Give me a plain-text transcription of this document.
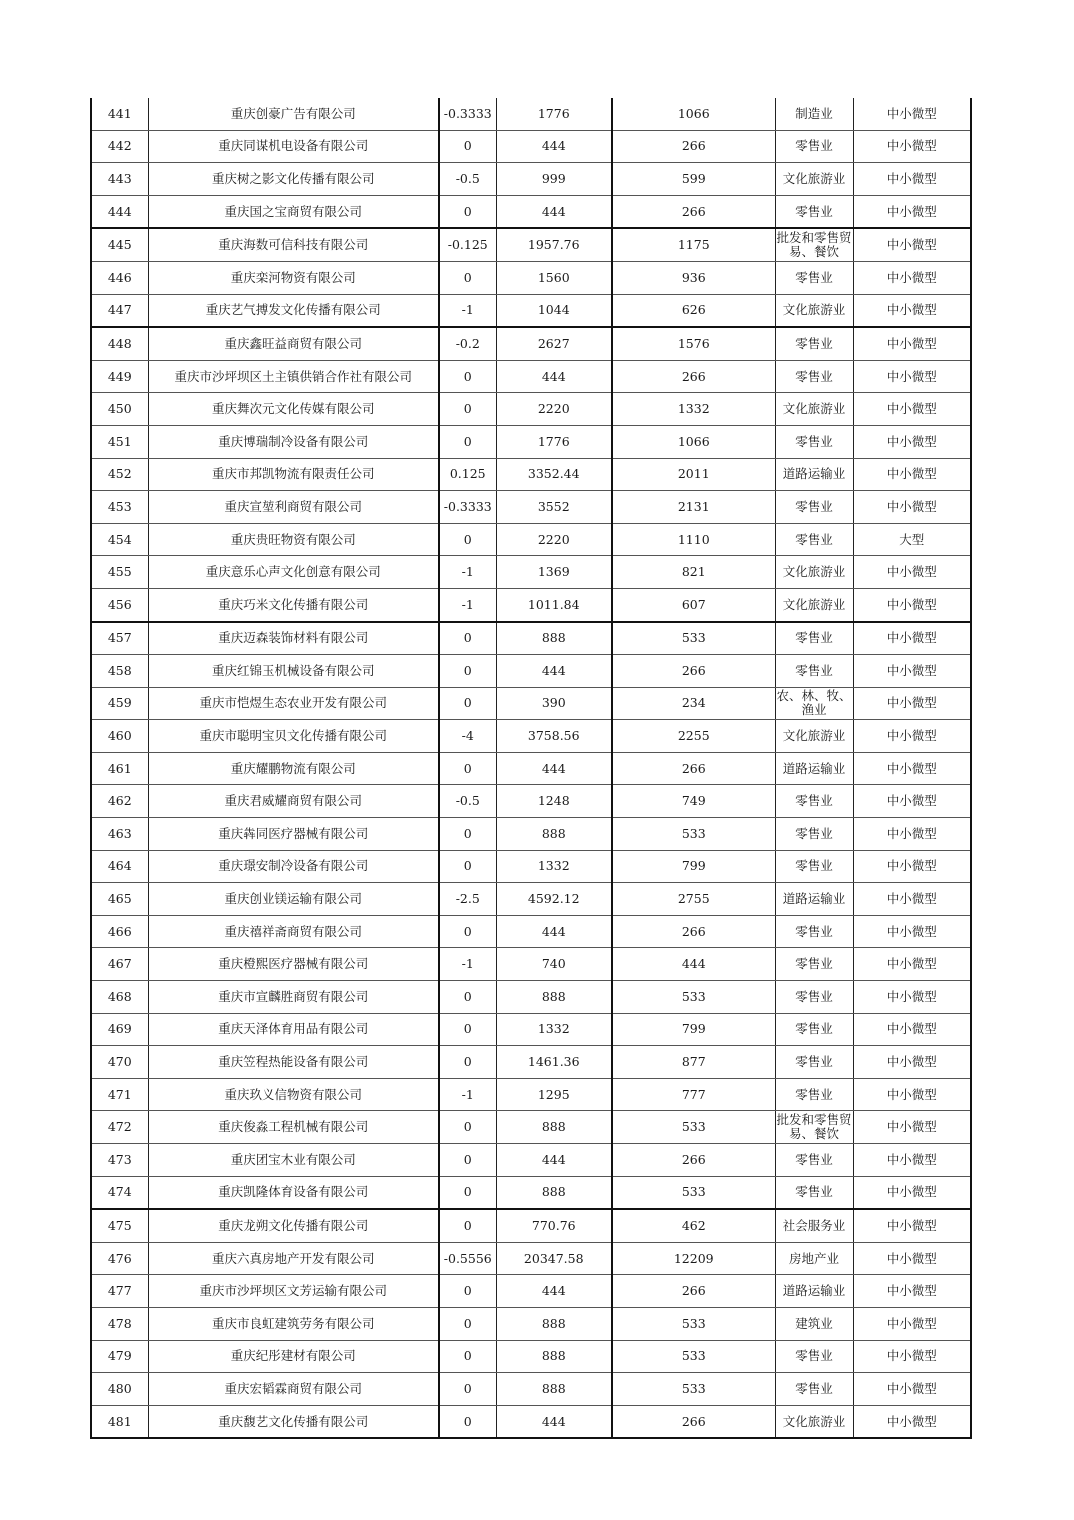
441	重庆创豪广告有限公司	-0.3333	1776	1066	制造业	中小微型
442	重庆同谋机电设备有限公司	0	444	266	零售业	中小微型
443	重庆树之影文化传播有限公司	-0.5	999	599	文化旅游业	中小微型
444	重庆国之宝商贸有限公司	0	444	266	零售业	中小微型
445	重庆海数可信科技有限公司	-0.125	1957.76	1175	批发和零售贸易、餐饮	中小微型
446	重庆栾河物资有限公司	0	1560	936	零售业	中小微型
447	重庆艺气搏发文化传播有限公司	-1	1044	626	文化旅游业	中小微型
448	重庆鑫旺益商贸有限公司	-0.2	2627	1576	零售业	中小微型
449	重庆市沙坪坝区土主镇供销合作社有限公司	0	444	266	零售业	中小微型
450	重庆舞次元文化传媒有限公司	0	2220	1332	文化旅游业	中小微型
451	重庆博瑞制冷设备有限公司	0	1776	1066	零售业	中小微型
452	重庆市邦凯物流有限责任公司	0.125	3352.44	2011	道路运输业	中小微型
453	重庆宣堃利商贸有限公司	-0.3333	3552	2131	零售业	中小微型
454	重庆贵旺物资有限公司	0	2220	1110	零售业	大型
455	重庆意乐心声文化创意有限公司	-1	1369	821	文化旅游业	中小微型
456	重庆巧米文化传播有限公司	-1	1011.84	607	文化旅游业	中小微型
457	重庆迈森装饰材料有限公司	0	888	533	零售业	中小微型
458	重庆红锦玉机械设备有限公司	0	444	266	零售业	中小微型
459	重庆市恺煜生态农业开发有限公司	0	390	234	农、林、牧、渔业	中小微型
460	重庆市聪明宝贝文化传播有限公司	-4	3758.56	2255	文化旅游业	中小微型
461	重庆耀鹏物流有限公司	0	444	266	道路运输业	中小微型
462	重庆君威耀商贸有限公司	-0.5	1248	749	零售业	中小微型
463	重庆犇同医疗器械有限公司	0	888	533	零售业	中小微型
464	重庆璟安制冷设备有限公司	0	1332	799	零售业	中小微型
465	重庆创业镁运输有限公司	-2.5	4592.12	2755	道路运输业	中小微型
466	重庆禧祥斋商贸有限公司	0	444	266	零售业	中小微型
467	重庆橙熙医疗器械有限公司	-1	740	444	零售业	中小微型
468	重庆市宣麟胜商贸有限公司	0	888	533	零售业	中小微型
469	重庆天泽体育用品有限公司	0	1332	799	零售业	中小微型
470	重庆笠程热能设备有限公司	0	1461.36	877	零售业	中小微型
471	重庆玖义信物资有限公司	-1	1295	777	零售业	中小微型
472	重庆俊淼工程机械有限公司	0	888	533	批发和零售贸易、餐饮	中小微型
473	重庆团宝木业有限公司	0	444	266	零售业	中小微型
474	重庆凯隆体育设备有限公司	0	888	533	零售业	中小微型
475	重庆龙朔文化传播有限公司	0	770.76	462	社会服务业	中小微型
476	重庆六真房地产开发有限公司	-0.5556	20347.58	12209	房地产业	中小微型
477	重庆市沙坪坝区文芳运输有限公司	0	444	266	道路运输业	中小微型
478	重庆市良虹建筑劳务有限公司	0	888	533	建筑业	中小微型
479	重庆纪彤建材有限公司	0	888	533	零售业	中小微型
480	重庆宏韬霖商贸有限公司	0	888	533	零售业	中小微型
481	重庆馥艺文化传播有限公司	0	444	266	文化旅游业	中小微型
